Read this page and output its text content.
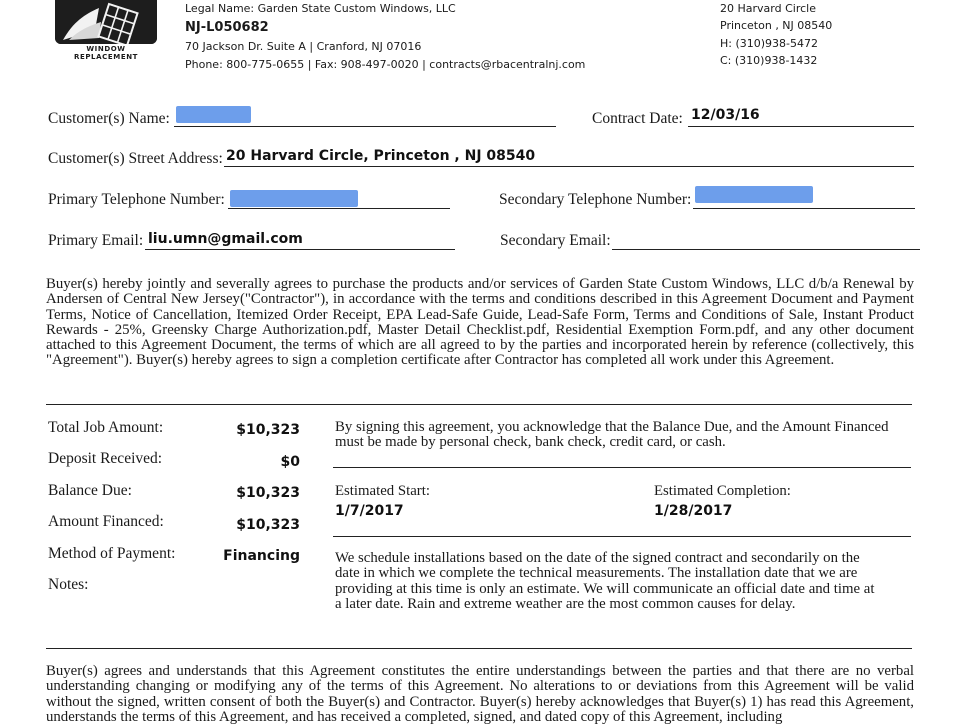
WINDOW REPLACEMENT
Legal Name: Garden State Custom Windows, LLC
NJ-L050682
70 Jackson Dr. Suite A | Cranford, NJ 07016
Phone: 800-775-0655 | Fax: 908-497-0020 | contracts@rbacentralnj.com
20 Harvard Circle
Princeton , NJ 08540
H: (310)938-5472
C: (310)938-1432
Customer(s) Name:	Contract Date: 12/03/16
Customer(s) Street Address: 20 Harvard Circle, Princeton , NJ 08540
Primary Telephone Number:	Secondary Telephone Number:
Primary Email: liu.umn@gmail.com	Secondary Email:
Buyer(s) hereby jointly and severally agrees to purchase the products and/or services of Garden State Custom Windows, LLC d/b/a Renewal by Andersen of Central New Jersey("Contractor"), in accordance with the terms and conditions described in this Agreement Document and Payment Terms, Notice of Cancellation, Itemized Order Receipt, EPA Lead-Safe Guide, Lead-Safe Form, Terms and Conditions of Sale, Instant Product Rewards - 25%, Greensky Charge Authorization.pdf, Master Detail Checklist.pdf, Residential Exemption Form.pdf, and any other document attached to this Agreement Document, the terms of which are all agreed to by the parties and incorporated herein by reference (collectively, this "Agreement"). Buyer(s) hereby agrees to sign a completion certificate after Contractor has completed all work under this Agreement.
Total Job Amount:	$10,323
Deposit Received:	$0
Balance Due:	$10,323
Amount Financed:	$10,323
Method of Payment:	Financing
Notes:
By signing this agreement, you acknowledge that the Balance Due, and the Amount Financed must be made by personal check, bank check, credit card, or cash.
Estimated Start:
1/7/2017
Estimated Completion:
1/28/2017
We schedule installations based on the date of the signed contract and secondarily on the date in which we complete the technical measurements. The installation date that we are providing at this time is only an estimate. We will communicate an official date and time at a later date. Rain and extreme weather are the most common causes for delay.
Buyer(s) agrees and understands that this Agreement constitutes the entire understandings between the parties and that there are no verbal understanding changing or modifying any of the terms of this Agreement. No alterations to or deviations from this Agreement will be valid without the signed, written consent of both the Buyer(s) and Contractor. Buyer(s) hereby acknowledges that Buyer(s) 1) has read this Agreement, understands the terms of this Agreement, and has received a completed, signed, and dated copy of this Agreement, including
